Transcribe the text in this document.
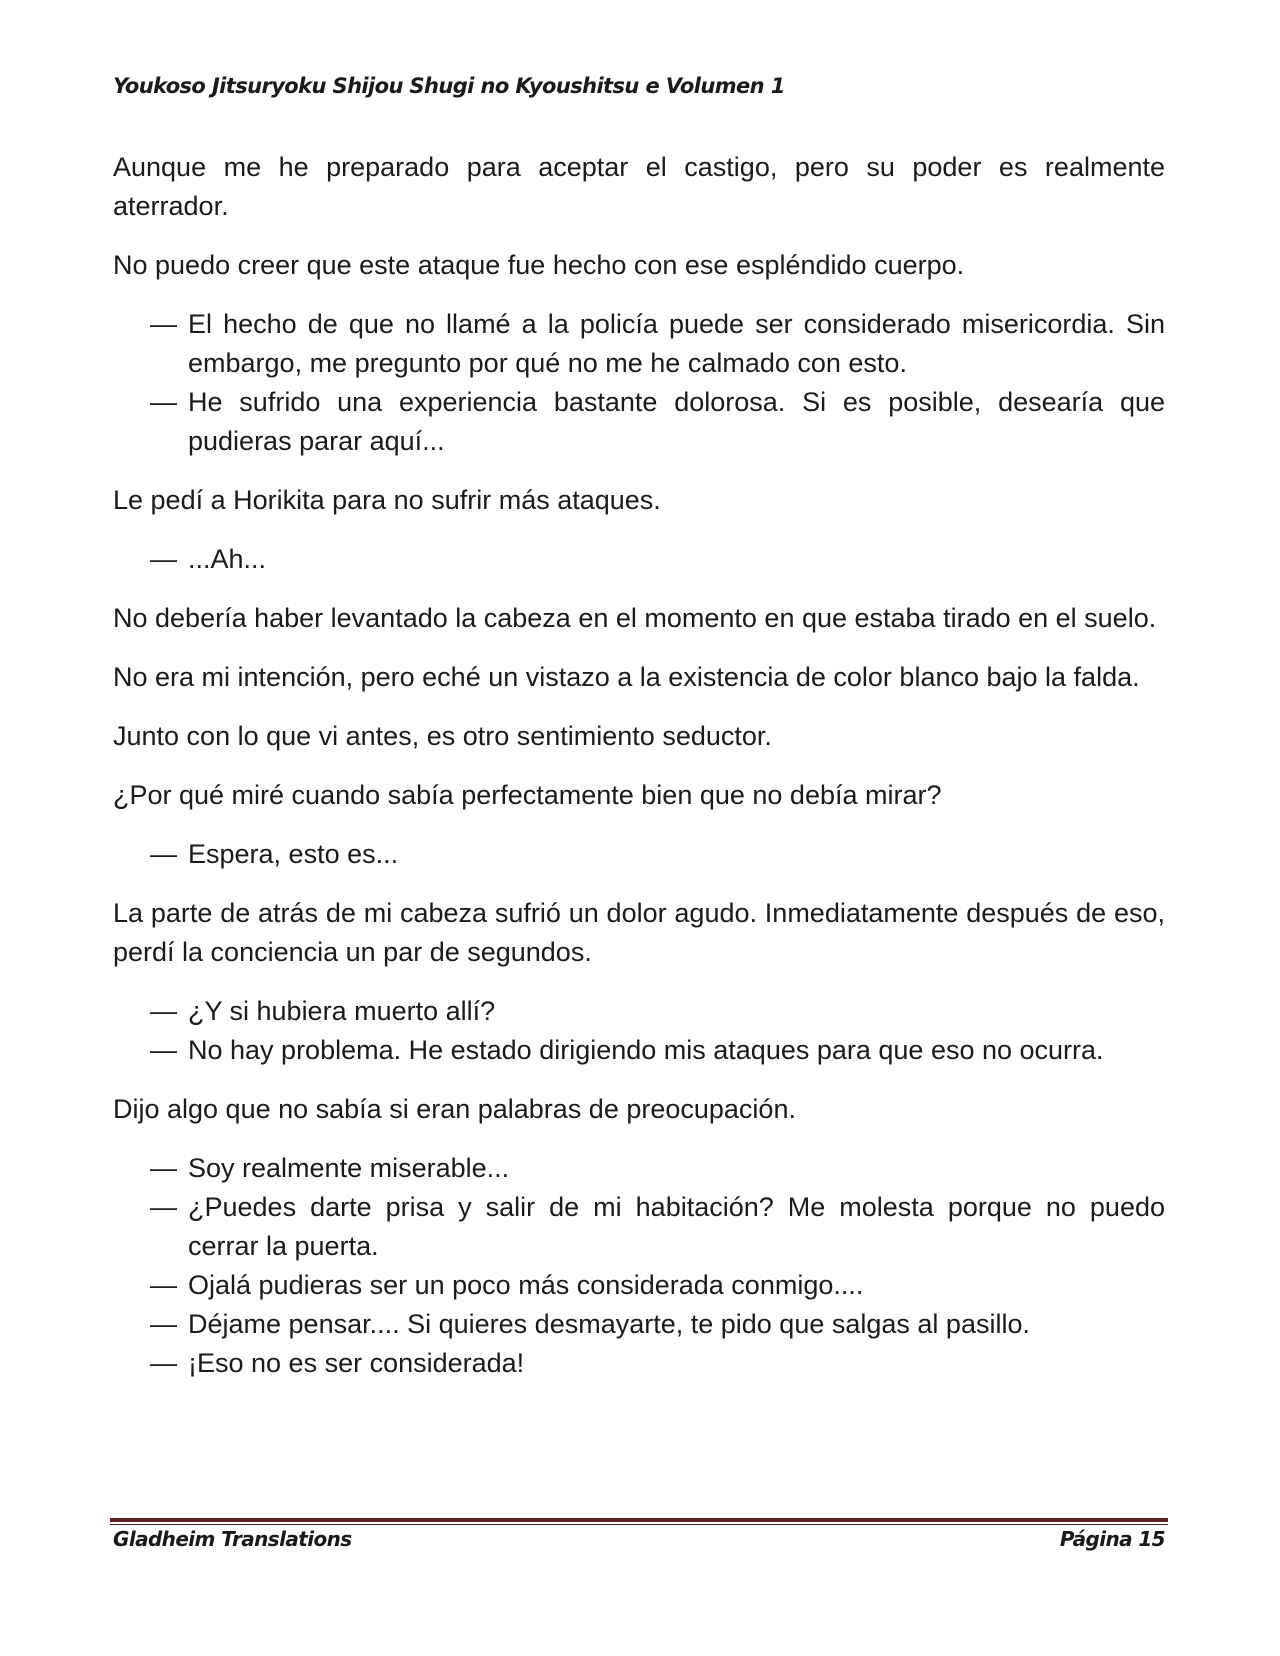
Youkoso Jitsuryoku Shijou Shugi no Kyoushitsu e Volumen 1

Aunque me he preparado para aceptar el castigo, pero su poder es realmente aterrador.

No puedo creer que este ataque fue hecho con ese espléndido cuerpo.

— El hecho de que no llamé a la policía puede ser considerado misericordia. Sin embargo, me pregunto por qué no me he calmado con esto.
— He sufrido una experiencia bastante dolorosa. Si es posible, desearía que pudieras parar aquí...

Le pedí a Horikita para no sufrir más ataques.

— ...Ah...

No debería haber levantado la cabeza en el momento en que estaba tirado en el suelo.

No era mi intención, pero eché un vistazo a la existencia de color blanco bajo la falda.

Junto con lo que vi antes, es otro sentimiento seductor.

¿Por qué miré cuando sabía perfectamente bien que no debía mirar?

— Espera, esto es...

La parte de atrás de mi cabeza sufrió un dolor agudo. Inmediatamente después de eso, perdí la conciencia un par de segundos.

— ¿Y si hubiera muerto allí?
— No hay problema. He estado dirigiendo mis ataques para que eso no ocurra.

Dijo algo que no sabía si eran palabras de preocupación.

— Soy realmente miserable...
— ¿Puedes darte prisa y salir de mi habitación? Me molesta porque no puedo cerrar la puerta.
— Ojalá pudieras ser un poco más considerada conmigo....
— Déjame pensar.... Si quieres desmayarte, te pido que salgas al pasillo.
— ¡Eso no es ser considerada!
Gladheim Translations	Página 15
